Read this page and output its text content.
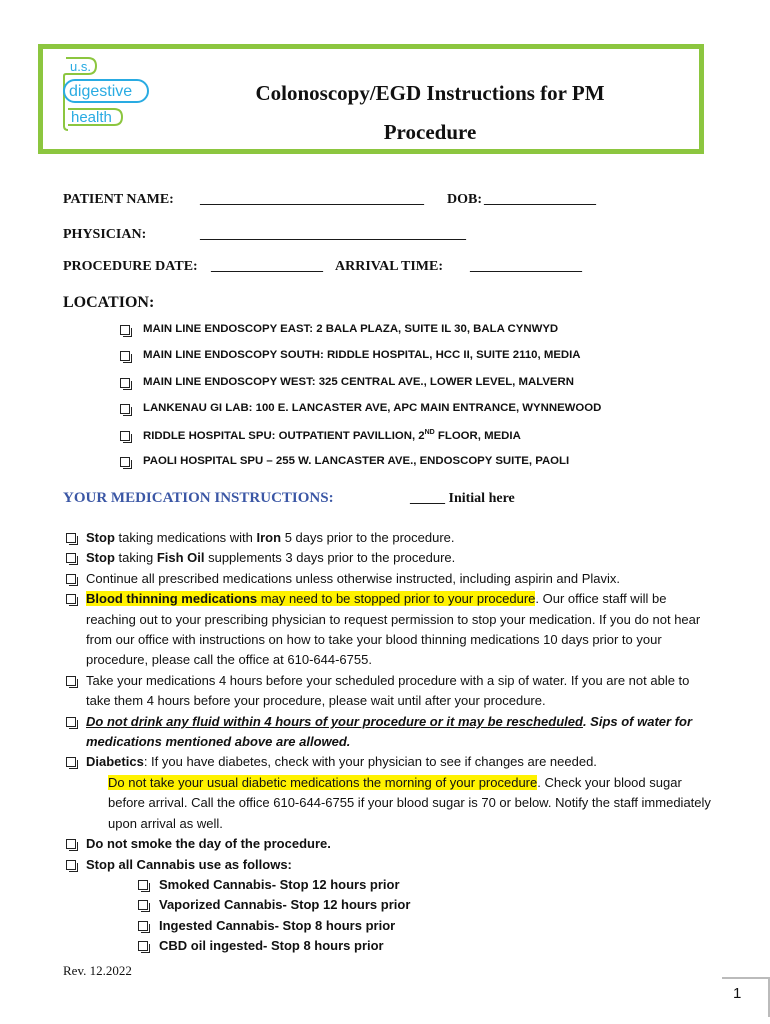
u.s.
digestive
health
Colonoscopy/EGD Instructions for PM
Procedure
PATIENT NAME: ________________________________ DOB: ________________
PHYSICIAN:	______________________________________
PROCEDURE DATE: ________________ ARRIVAL TIME: ________________
LOCATION:
MAIN LINE ENDOSCOPY EAST: 2 BALA PLAZA, SUITE IL 30, BALA CYNWYD
MAIN LINE ENDOSCOPY SOUTH: RIDDLE HOSPITAL, HCC II, SUITE 2110, MEDIA
MAIN LINE ENDOSCOPY WEST: 325 CENTRAL AVE., LOWER LEVEL, MALVERN
LANKENAU GI LAB: 100 E. LANCASTER AVE, APC MAIN ENTRANCE, WYNNEWOOD
RIDDLE HOSPITAL SPU: OUTPATIENT PAVILLION, 2ND FLOOR, MEDIA
PAOLI HOSPITAL SPU – 255 W. LANCASTER AVE., ENDOSCOPY SUITE, PAOLI
YOUR MEDICATION INSTRUCTIONS:	_____ Initial here
Stop taking medications with Iron 5 days prior to the procedure.
Stop taking Fish Oil supplements 3 days prior to the procedure.
Continue all prescribed medications unless otherwise instructed, including aspirin and Plavix.
Blood thinning medications may need to be stopped prior to your procedure. Our office staff will be reaching out to your prescribing physician to request permission to stop your medication. If you do not hear from our office with instructions on how to take your blood thinning medications 10 days prior to your procedure, please call the office at 610-644-6755.
Take your medications 4 hours before your scheduled procedure with a sip of water. If you are not able to take them 4 hours before your procedure, please wait until after your procedure.
Do not drink any fluid within 4 hours of your procedure or it may be rescheduled. Sips of water for medications mentioned above are allowed.
Diabetics: If you have diabetes, check with your physician to see if changes are needed.
Do not take your usual diabetic medications the morning of your procedure. Check your blood sugar before arrival. Call the office 610-644-6755 if your blood sugar is 70 or below. Notify the staff immediately upon arrival as well.
Do not smoke the day of the procedure.
Stop all Cannabis use as follows:
Smoked Cannabis- Stop 12 hours prior
Vaporized Cannabis- Stop 12 hours prior
Ingested Cannabis- Stop 8 hours prior
CBD oil ingested- Stop 8 hours prior
Rev. 12.2022
1
